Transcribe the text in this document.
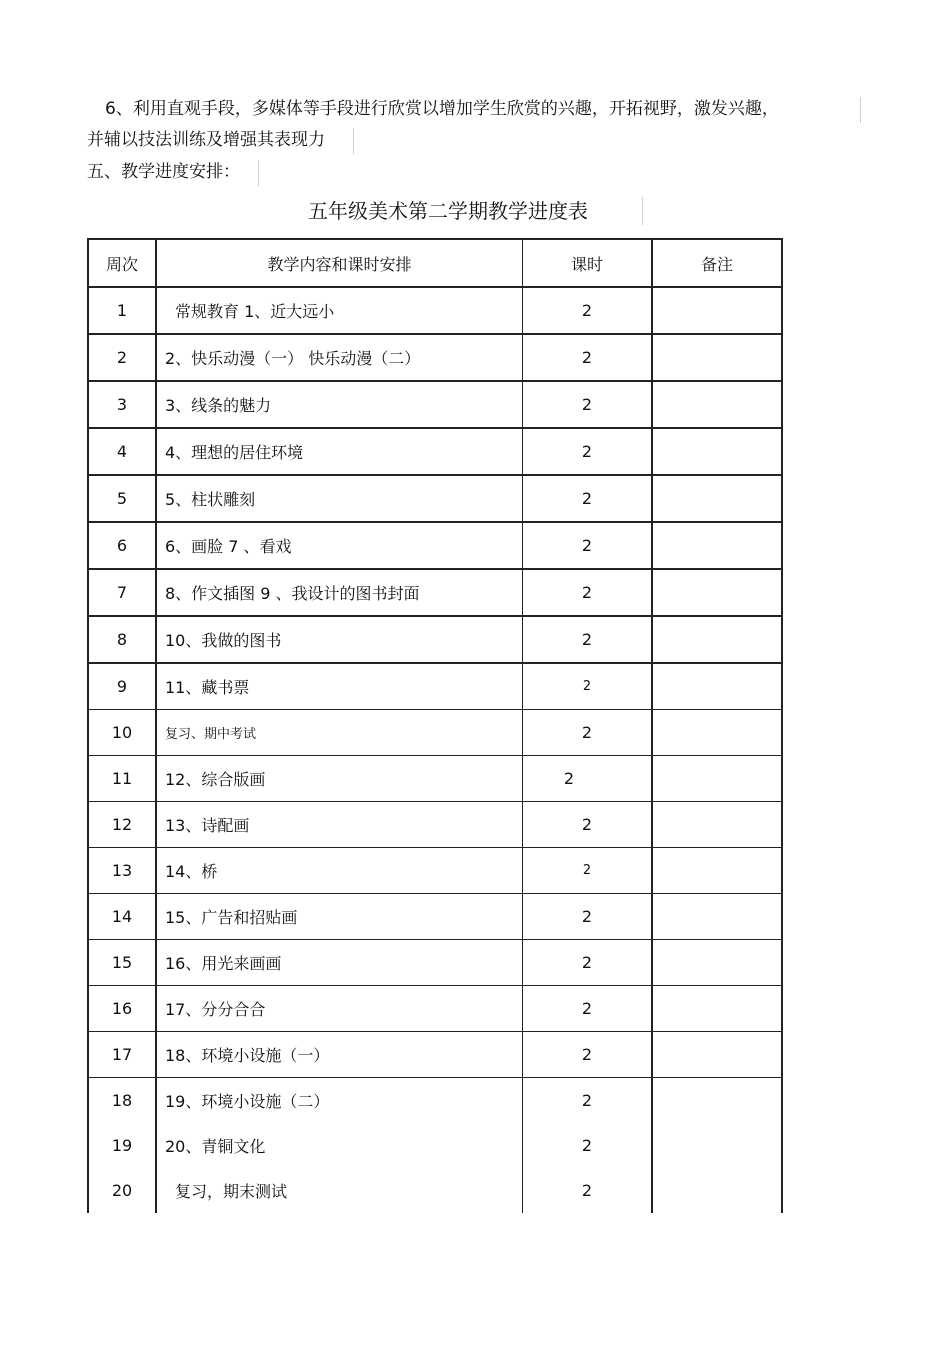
6、利用直观手段，多媒体等手段进行欣赏以增加学生欣赏的兴趣，开拓视野，激发兴趣，
并辅以技法训练及增强其表现力
五、教学进度安排：
五年级美术第二学期教学进度表
周次	教学内容和课时安排	课时	备注
1	常规教育 1、近大远小	2	
2	2、快乐动漫（一） 快乐动漫（二）	2	
3	3、线条的魅力	2	
4	4、理想的居住环境	2	
5	5、柱状雕刻	2	
6	6、画脸 7 、看戏	2	
7	8、作文插图 9 、我设计的图书封面	2	
8	10、我做的图书	2	
9	11、藏书票	2	
10	复习、期中考试	2	
11	12、综合版画	2	
12	13、诗配画	2	
13	14、桥	2	
14	15、广告和招贴画	2	
15	16、用光来画画	2	
16	17、分分合合	2	
17	18、环境小设施（一）	2	
18	19、环境小设施（二）	2	
19	20、青铜文化	2	
20	复习，期末测试	2	
